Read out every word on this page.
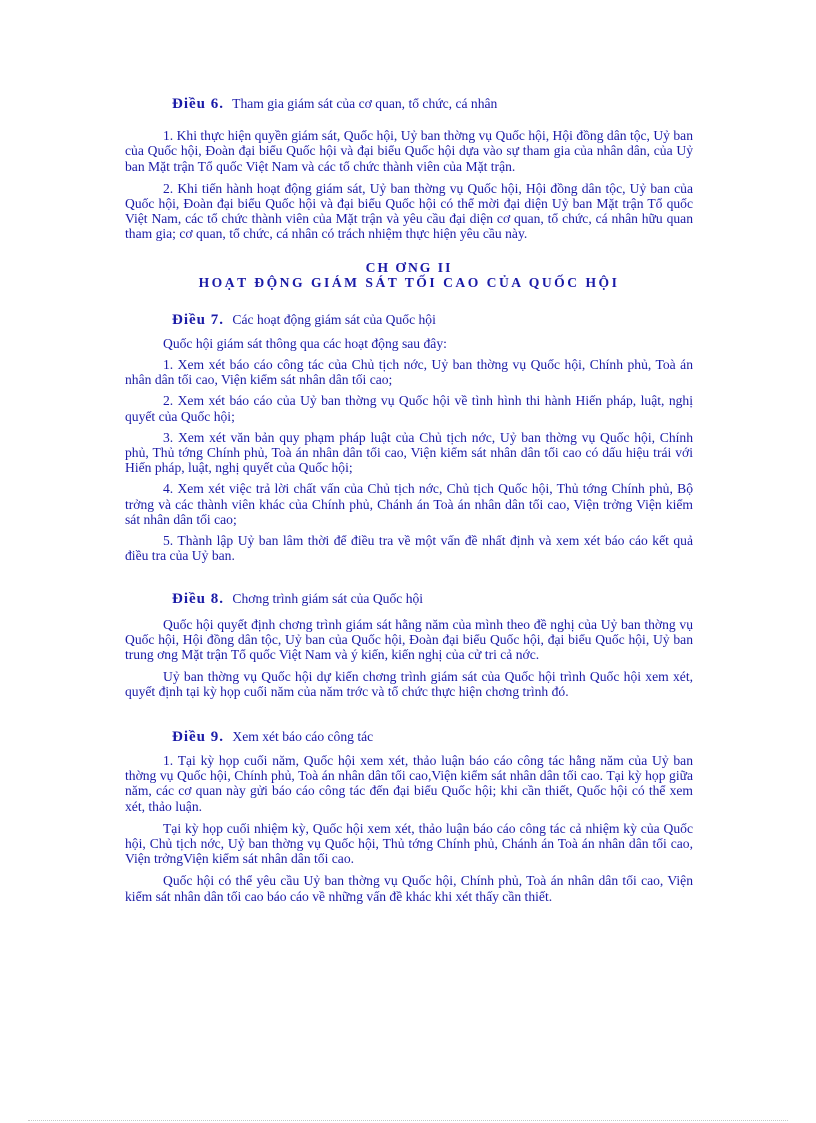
Điều 6. Tham gia giám sát của cơ quan, tổ chức, cá nhân

1. Khi thực hiện quyền giám sát, Quốc hội, Uỷ ban thờng vụ Quốc hội, Hội đồng dân tộc, Uỷ ban của Quốc hội, Đoàn đại biểu Quốc hội và đại biểu Quốc hội dựa vào sự tham gia của nhân dân, của Uỷ ban Mặt trận Tổ quốc Việt Nam và các tổ chức thành viên của Mặt trận.

2. Khi tiến hành hoạt động giám sát, Uỷ ban thờng vụ Quốc hội, Hội đồng dân tộc, Uỷ ban của Quốc hội, Đoàn đại biểu Quốc hội và đại biểu Quốc hội có thể mời đại diện Uỷ ban Mặt trận Tổ quốc Việt Nam, các tổ chức thành viên của Mặt trận và yêu cầu đại diện cơ quan, tổ chức, cá nhân hữu quan tham gia; cơ quan, tổ chức, cá nhân có trách nhiệm thực hiện yêu cầu này.

CH ƠNG II
HOẠT ĐỘNG GIÁM SÁT TỐI CAO CỦA QUỐC HỘI
Điều 7. Các hoạt động giám sát của Quốc hội

Quốc hội giám sát thông qua các hoạt động sau đây:

1. Xem xét báo cáo công tác của Chủ tịch nớc, Uỷ ban thờng vụ Quốc hội, Chính phủ, Toà án nhân dân tối cao, Viện kiểm sát nhân dân tối cao;

2. Xem xét báo cáo của Uỷ ban thờng vụ Quốc hội về tình hình thi hành Hiến pháp, luật, nghị quyết của Quốc hội;

3. Xem xét văn bản quy phạm pháp luật của Chủ tịch nớc, Uỷ ban thờng vụ Quốc hội, Chính phủ, Thủ tớng Chính phủ, Toà án nhân dân tối cao, Viện kiểm sát nhân dân tối cao có dấu hiệu trái với Hiến pháp, luật, nghị quyết của Quốc hội;

4. Xem xét việc trả lời chất vấn của Chủ tịch nớc, Chủ tịch Quốc hội, Thủ tớng Chính phủ, Bộ trởng và các thành viên khác của Chính phủ, Chánh án Toà án nhân dân tối cao, Viện trởng Viện kiểm sát nhân dân tối cao;

5. Thành lập Uỷ ban lâm thời để điều tra về một vấn đề nhất định và xem xét báo cáo kết quả điều tra của Uỷ ban.

Điều 8. Chơng trình giám sát của Quốc hội

Quốc hội quyết định chơng trình giám sát hằng năm của mình theo đề nghị của Uỷ ban thờng vụ Quốc hội, Hội đồng dân tộc, Uỷ ban của Quốc hội, Đoàn đại biểu Quốc hội, đại biểu Quốc hội, Uỷ ban trung ơng Mặt trận Tổ quốc Việt Nam và ý kiến, kiến nghị của cử tri cả nớc.

Uỷ ban thờng vụ Quốc hội dự kiến chơng trình giám sát của Quốc hội trình Quốc hội xem xét, quyết định tại kỳ họp cuối năm của năm trớc và tổ chức thực hiện chơng trình đó.

Điều 9. Xem xét báo cáo công tác

1. Tại kỳ họp cuối năm, Quốc hội xem xét, thảo luận báo cáo công tác hằng năm của Uỷ ban thờng vụ Quốc hội, Chính phủ, Toà án nhân dân tối cao,Viện kiểm sát nhân dân tối cao. Tại kỳ họp giữa năm, các cơ quan này gửi báo cáo công tác đến đại biểu Quốc hội; khi cần thiết, Quốc hội có thể xem xét, thảo luận.

Tại kỳ họp cuối nhiệm kỳ, Quốc hội xem xét, thảo luận báo cáo công tác cả nhiệm kỳ của Quốc hội, Chủ tịch nớc, Uỷ ban thờng vụ Quốc hội, Thủ tớng Chính phủ, Chánh án Toà án nhân dân tối cao, Viện trởngViện kiểm sát nhân dân tối cao.

Quốc hội có thể yêu cầu Uỷ ban thờng vụ Quốc hội, Chính phủ, Toà án nhân dân tối cao, Viện kiểm sát nhân dân tối cao báo cáo về những vấn đề khác khi xét thấy cần thiết.
